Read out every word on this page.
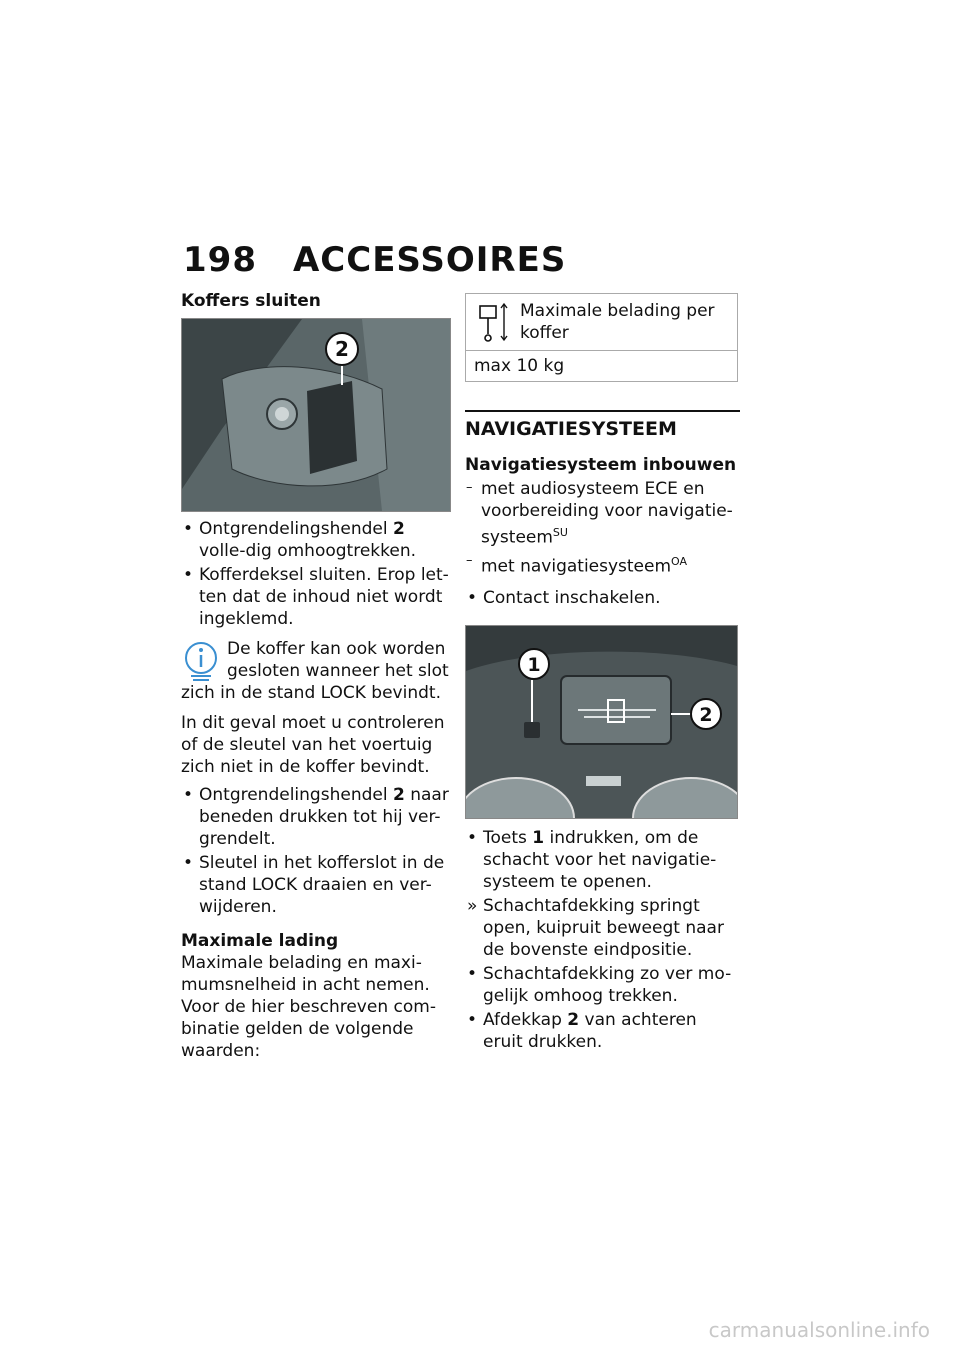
198 ACCESSOIRES
Koffers sluiten
2
• Ontgrendelingshendel 2 volle-dig omhoogtrekken.
• Kofferdeksel sluiten. Erop let-ten dat de inhoud niet wordt ingeklemd.
De koffer kan ook worden gesloten wanneer het slot zich in de stand LOCK bevindt.

In dit geval moet u controleren of de sleutel van het voertuig zich niet in de koffer bevindt.

• Ontgrendelingshendel 2 naar beneden drukken tot hij ver-grendelt.
• Sleutel in het kofferslot in de stand LOCK draaien en ver-wijderen.
Maximale lading

Maximale belading en maxi-mumsnelheid in acht nemen. Voor de hier beschreven com-binatie gelden de volgende waarden:

Maximale belading per koffer
max 10 kg
NAVIGATIESYSTEEM
Navigatiesysteem inbouwen
– met audiosysteem ECE en voorbereiding voor navigatie-systeem$^{SU}$
– met navigatiesysteem$^{OA}$
• Contact inschakelen.
1
2
• Toets 1 indrukken, om de schacht voor het navigatie-systeem te openen.
» Schachtafdekking springt open, kuipruit beweegt naar de bovenste eindpositie.
• Schachtafdekking zo ver mo-gelijk omhoog trekken.
• Afdekkap 2 van achteren eruit drukken.
carmanualsonline.info
